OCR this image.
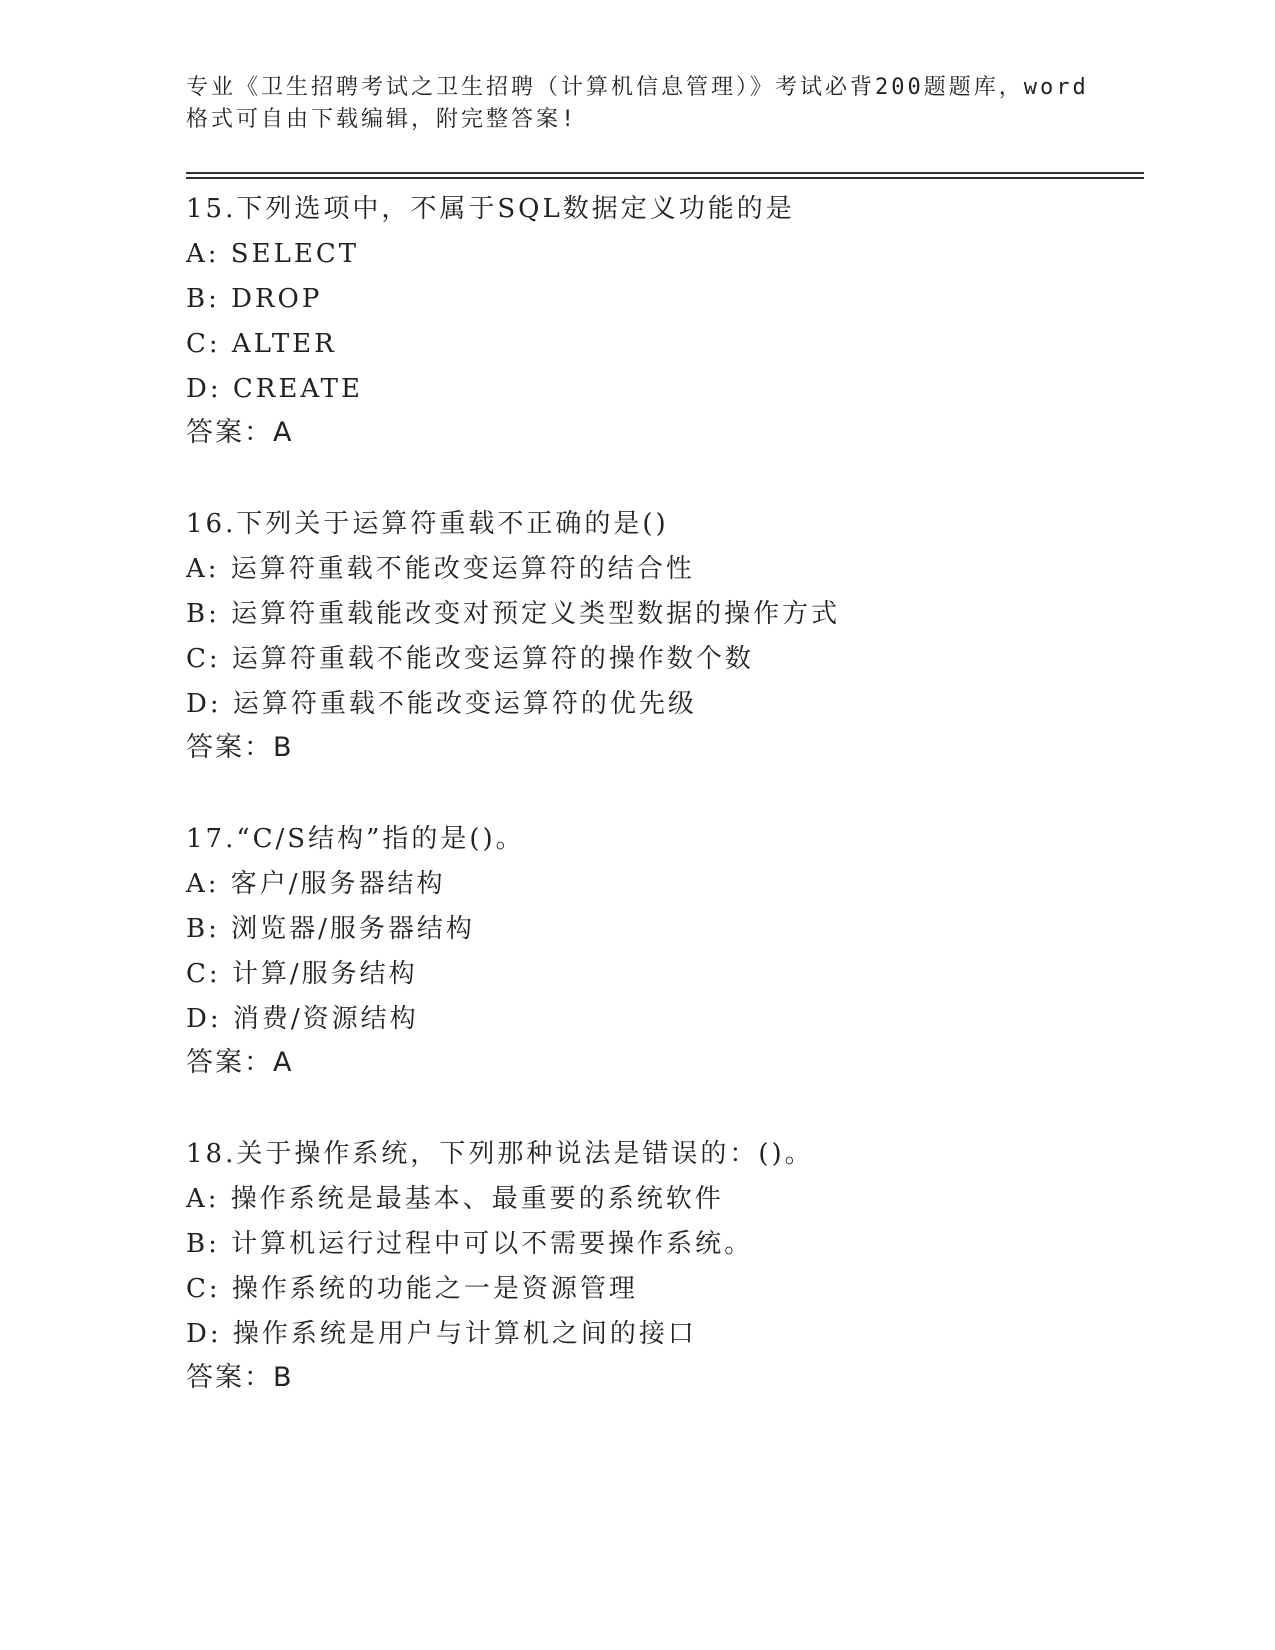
专业《卫生招聘考试之卫生招聘（计算机信息管理）》考试必背200题题库，word
格式可自由下载编辑，附完整答案!
15.下列选项中，不属于SQL数据定义功能的是
A: SELECT
B: DROP
C: ALTER
D: CREATE
答案：A
16.下列关于运算符重载不正确的是()
A: 运算符重载不能改变运算符的结合性
B: 运算符重载能改变对预定义类型数据的操作方式
C: 运算符重载不能改变运算符的操作数个数
D: 运算符重载不能改变运算符的优先级
答案：B
17.“C/S结构”指的是()。
A: 客户/服务器结构
B: 浏览器/服务器结构
C: 计算/服务结构
D: 消费/资源结构
答案：A
18.关于操作系统，下列那种说法是错误的：()。
A: 操作系统是最基本、最重要的系统软件
B: 计算机运行过程中可以不需要操作系统。
C: 操作系统的功能之一是资源管理
D: 操作系统是用户与计算机之间的接口
答案：B
